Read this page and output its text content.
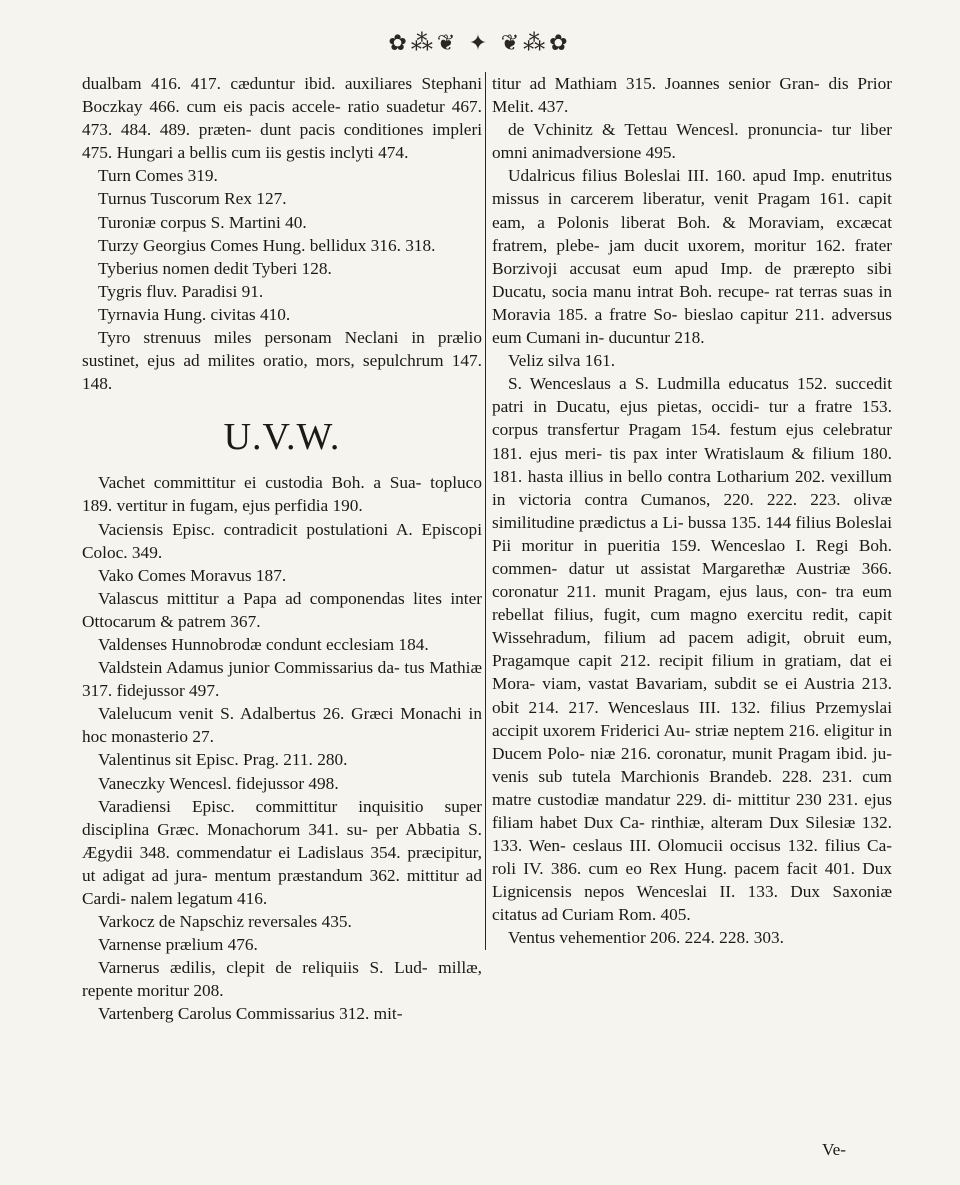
✿⁂❦ ✦ ❦⁂✿

dualbam 416. 417. cæduntur ibid. auxiliares Stephani Boczkay 466. cum eis pacis accele- ratio suadetur 467. 473. 484. 489. præten- dunt pacis conditiones impleri 475. Hungari a bellis cum iis gestis inclyti 474.

Turn Comes 319.

Turnus Tuscorum Rex 127.

Turoniæ corpus S. Martini 40.

Turzy Georgius Comes Hung. bellidux 316. 318.

Tyberius nomen dedit Tyberi 128.

Tygris fluv. Paradisi 91.

Tyrnavia Hung. civitas 410.

Tyro strenuus miles personam Neclani in prælio sustinet, ejus ad milites oratio, mors, sepulchrum 147. 148.

U.V.W.

Vachet committitur ei custodia Boh. a Sua- topluco 189. vertitur in fugam, ejus perfidia 190.

Vaciensis Episc. contradicit postulationi A. Episcopi Coloc. 349.

Vako Comes Moravus 187.

Valascus mittitur a Papa ad componendas lites inter Ottocarum & patrem 367.

Valdenses Hunnobrodæ condunt ecclesiam 184.

Valdstein Adamus junior Commissarius da- tus Mathiæ 317. fidejussor 497.

Valelucum venit S. Adalbertus 26. Græci Monachi in hoc monasterio 27.

Valentinus sit Episc. Prag. 211. 280.

Vaneczky Wencesl. fidejussor 498.

Varadiensi Episc. committitur inquisitio super disciplina Græc. Monachorum 341. su- per Abbatia S. Ægydii 348. commendatur ei Ladislaus 354. præcipitur, ut adigat ad jura- mentum præstandum 362. mittitur ad Cardi- nalem legatum 416.

Varkocz de Napschiz reversales 435.

Varnense prælium 476.

Varnerus ædilis, clepit de reliquiis S. Lud- millæ, repente moritur 208.

Vartenberg Carolus Commissarius 312. mit-

titur ad Mathiam 315. Joannes senior Gran- dis Prior Melit. 437.

de Vchinitz & Tettau Wencesl. pronuncia- tur liber omni animadversione 495.

Udalricus filius Boleslai III. 160. apud Imp. enutritus missus in carcerem liberatur, venit Pragam 161. capit eam, a Polonis liberat Boh. & Moraviam, excæcat fratrem, plebe- jam ducit uxorem, moritur 162. frater Borzivoji accusat eum apud Imp. de prærepto sibi Ducatu, socia manu intrat Boh. recupe- rat terras suas in Moravia 185. a fratre So- bieslao capitur 211. adversus eum Cumani in- ducuntur 218.

Veliz silva 161.

S. Wenceslaus a S. Ludmilla educatus 152. succedit patri in Ducatu, ejus pietas, occidi- tur a fratre 153. corpus transfertur Pragam 154. festum ejus celebratur 181. ejus meri- tis pax inter Wratislaum & filium 180. 181. hasta illius in bello contra Lotharium 202. vexillum in victoria contra Cumanos, 220. 222. 223. olivæ similitudine prædictus a Li- bussa 135. 144 filius Boleslai Pii moritur in pueritia 159. Wenceslao I. Regi Boh. commen- datur ut assistat Margarethæ Austriæ 366. coronatur 211. munit Pragam, ejus laus, con- tra eum rebellat filius, fugit, cum magno exercitu redit, capit Wissehradum, filium ad pacem adigit, obruit eum, Pragamque capit 212. recipit filium in gratiam, dat ei Mora- viam, vastat Bavariam, subdit se ei Austria 213. obit 214. 217. Wenceslaus III. 132. filius Przemyslai accipit uxorem Friderici Au- striæ neptem 216. eligitur in Ducem Polo- niæ 216. coronatur, munit Pragam ibid. ju- venis sub tutela Marchionis Brandeb. 228. 231. cum matre custodiæ mandatur 229. di- mittitur 230 231. ejus filiam habet Dux Ca- rinthiæ, alteram Dux Silesiæ 132. 133. Wen- ceslaus III. Olomucii occisus 132. filius Ca- roli IV. 386. cum eo Rex Hung. pacem facit 401. Dux Lignicensis nepos Wenceslai II. 133. Dux Saxoniæ citatus ad Curiam Rom. 405.

Ventus vehementior 206. 224. 228. 303.

Ve-
